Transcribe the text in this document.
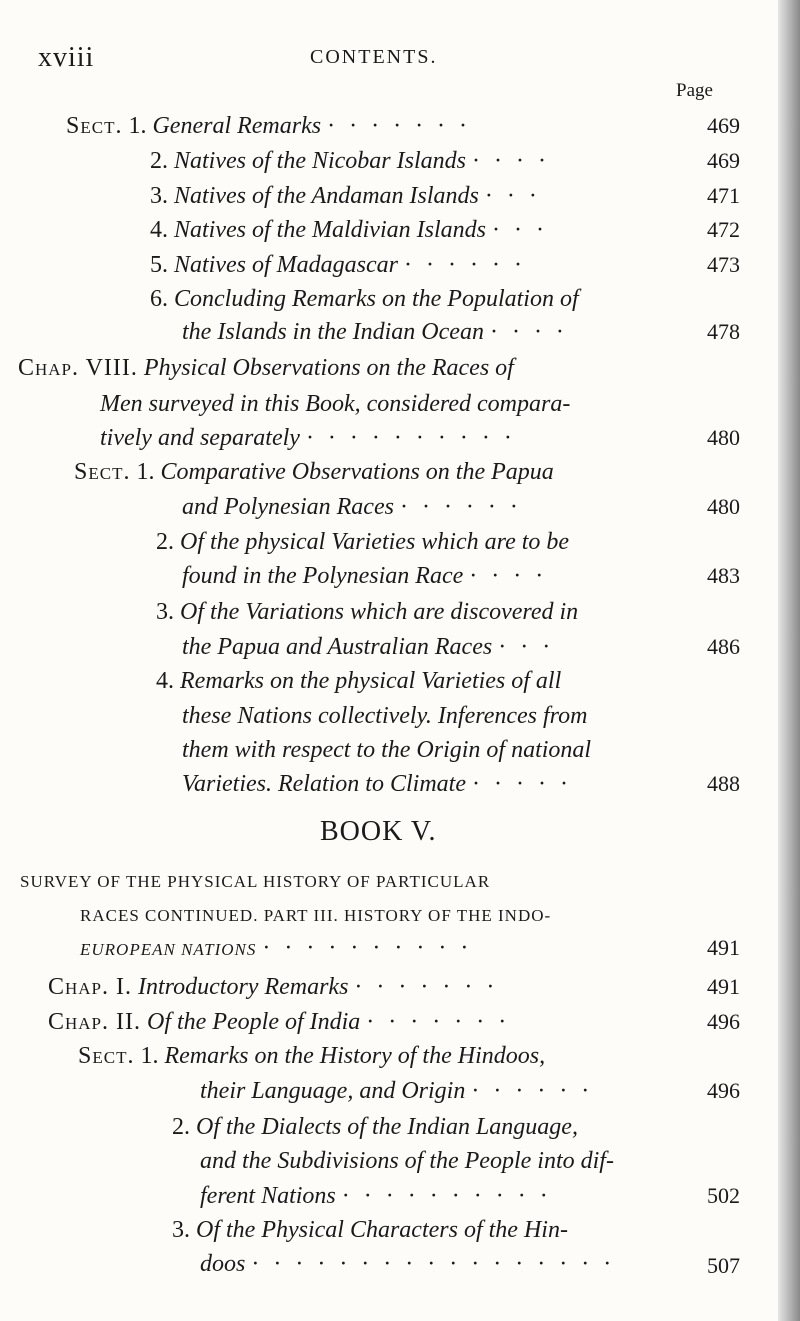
xviii	CONTENTS.
Page
Sect. 1. General Remarks · · · · · · ·	469
2. Natives of the Nicobar Islands · · · ·	469
3. Natives of the Andaman Islands · · ·	471
4. Natives of the Maldivian Islands · · ·	472
5. Natives of Madagascar · · · · · ·	473
6. Concluding Remarks on the Population of
the Islands in the Indian Ocean · · · ·	478
Chap. VIII. Physical Observations on the Races of
Men surveyed in this Book, considered compara-
tively and separately · · · · · · · · · ·	480
Sect. 1. Comparative Observations on the Papua
and Polynesian Races · · · · · ·	480
2. Of the physical Varieties which are to be
found in the Polynesian Race · · · ·	483
3. Of the Variations which are discovered in
the Papua and Australian Races · · ·	486
4. Remarks on the physical Varieties of all
these Nations collectively. Inferences from
them with respect to the Origin of national
Varieties. Relation to Climate · · · · ·	488
BOOK V.
SURVEY OF THE PHYSICAL HISTORY OF PARTICULAR
RACES CONTINUED. PART III. HISTORY OF THE INDO-
EUROPEAN NATIONS · · · · · · · · · ·	491
Chap. I. Introductory Remarks · · · · · · ·	491
Chap. II. Of the People of India · · · · · · ·	496
Sect. 1. Remarks on the History of the Hindoos,
their Language, and Origin · · · · · ·	496
2. Of the Dialects of the Indian Language,
and the Subdivisions of the People into dif-
ferent Nations · · · · · · · · · ·	502
3. Of the Physical Characters of the Hin-
doos · · · · · · · · · · · · · · · · ·	507
